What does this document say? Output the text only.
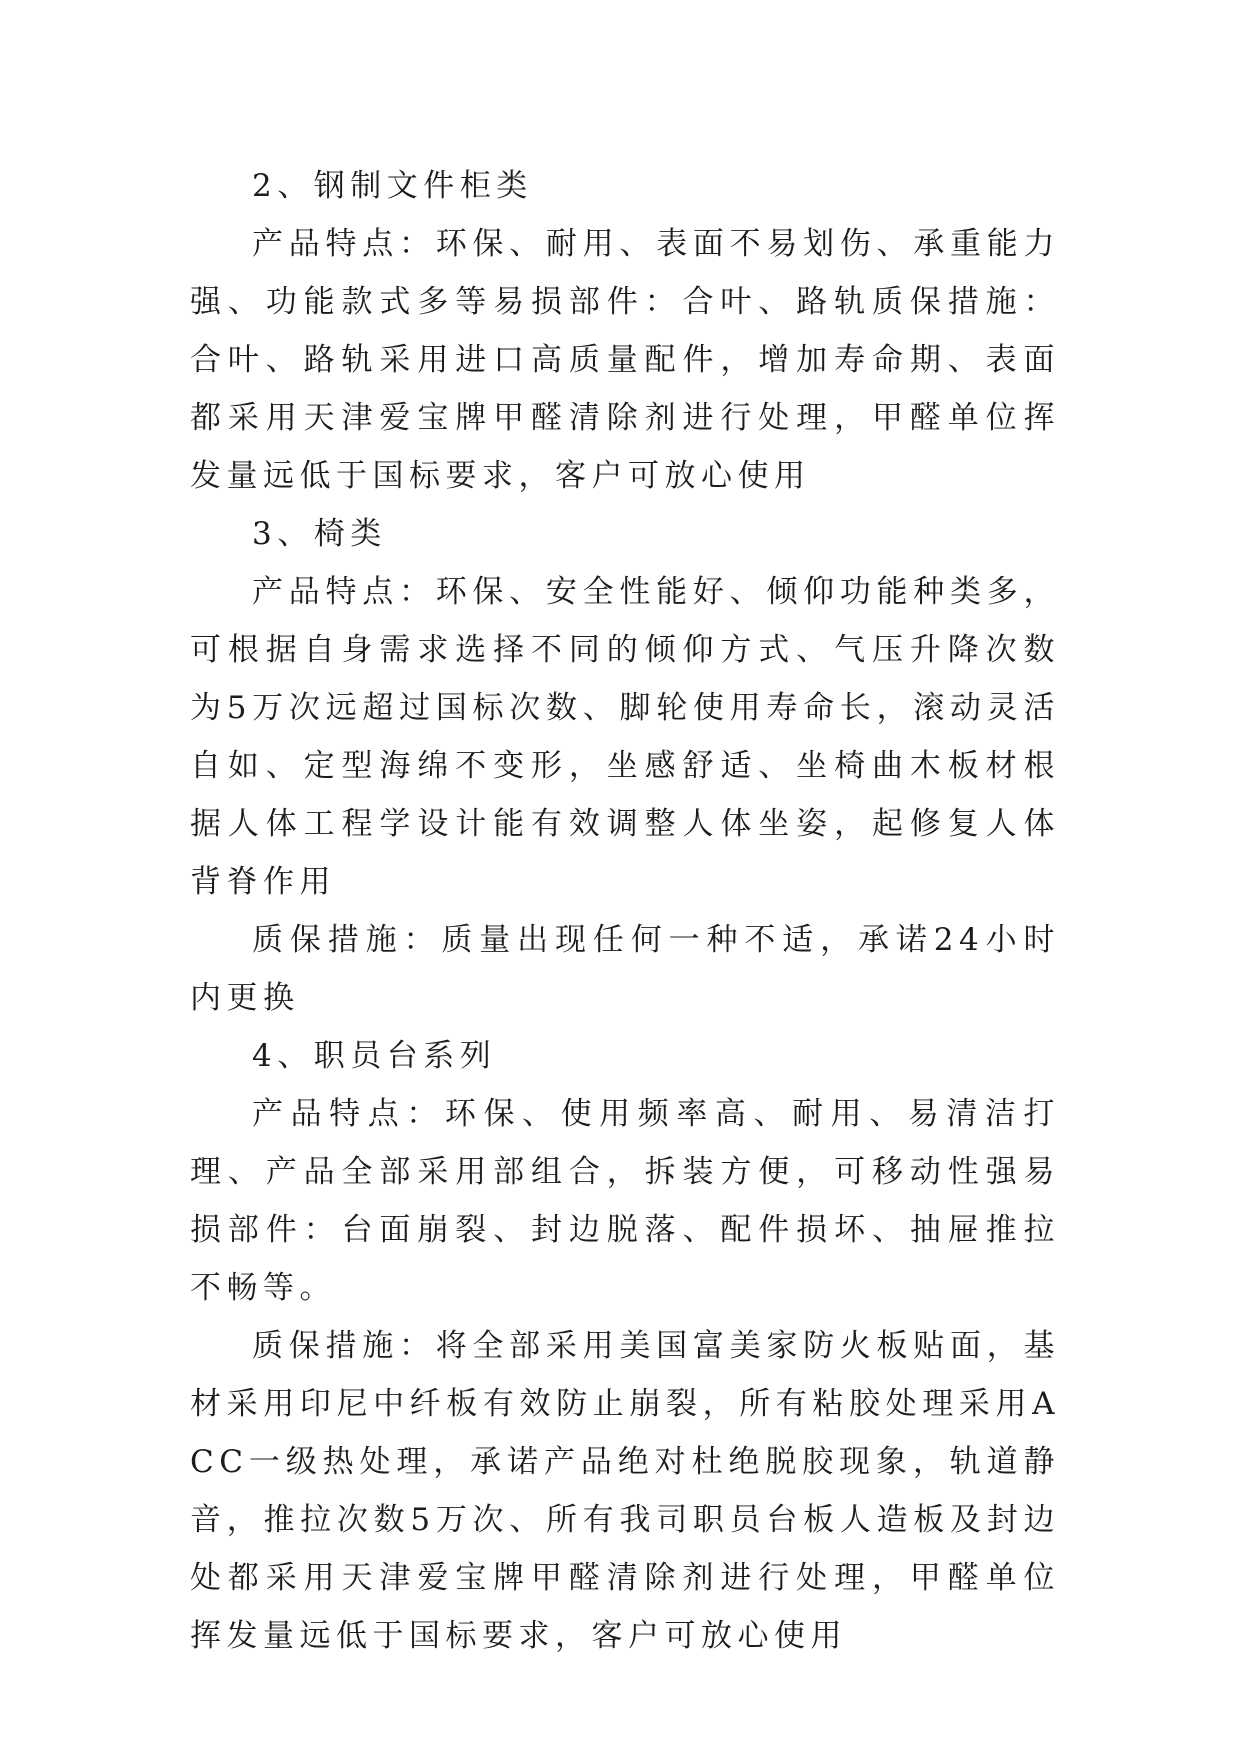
2、钢制文件柜类

产品特点：环保、耐用、表面不易划伤、承重能力强、功能款式多等易损部件：合叶、路轨质保措施：合叶、路轨采用进口高质量配件，增加寿命期、表面都采用天津爱宝牌甲醛清除剂进行处理，甲醛单位挥发量远低于国标要求，客户可放心使用

3、椅类

产品特点：环保、安全性能好、倾仰功能种类多，可根据自身需求选择不同的倾仰方式、气压升降次数为5万次远超过国标次数、脚轮使用寿命长，滚动灵活自如、定型海绵不变形，坐感舒适、坐椅曲木板材根据人体工程学设计能有效调整人体坐姿，起修复人体背脊作用

质保措施：质量出现任何一种不适，承诺24小时内更换

4、职员台系列

产品特点：环保、使用频率高、耐用、易清洁打理、产品全部采用部组合，拆装方便，可移动性强易损部件：台面崩裂、封边脱落、配件损坏、抽屉推拉不畅等。

质保措施：将全部采用美国富美家防火板贴面，基材采用印尼中纤板有效防止崩裂，所有粘胶处理采用ACC一级热处理，承诺产品绝对杜绝脱胶现象，轨道静音，推拉次数5万次、所有我司职员台板人造板及封边处都采用天津爱宝牌甲醛清除剂进行处理，甲醛单位挥发量远低于国标要求，客户可放心使用
